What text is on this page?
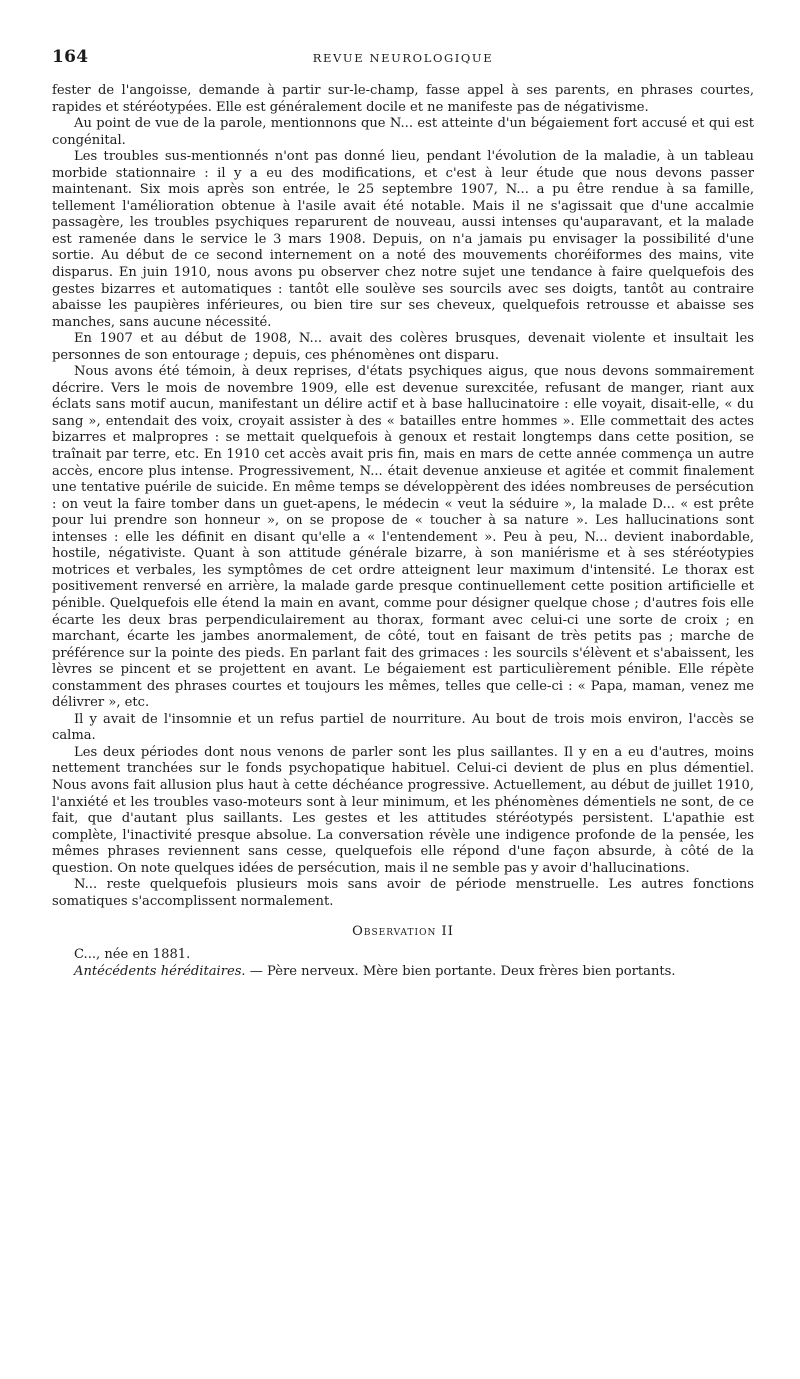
164	REVUE NEUROLOGIQUE

fester de l'angoisse, demande à partir sur-le-champ, fasse appel à ses parents, en phrases courtes, rapides et stéréotypées. Elle est généralement docile et ne manifeste pas de négativisme.

Au point de vue de la parole, mentionnons que N... est atteinte d'un bégaiement fort accusé et qui est congénital.

Les troubles sus-mentionnés n'ont pas donné lieu, pendant l'évolution de la maladie, à un tableau morbide stationnaire : il y a eu des modifications, et c'est à leur étude que nous devons passer maintenant. Six mois après son entrée, le 25 septembre 1907, N... a pu être rendue à sa famille, tellement l'amélioration obtenue à l'asile avait été notable. Mais il ne s'agissait que d'une accalmie passagère, les troubles psychiques reparurent de nouveau, aussi intenses qu'auparavant, et la malade est ramenée dans le service le 3 mars 1908. Depuis, on n'a jamais pu envisager la possibilité d'une sortie. Au début de ce second internement on a noté des mouvements choréiformes des mains, vite disparus. En juin 1910, nous avons pu observer chez notre sujet une tendance à faire quelquefois des gestes bizarres et automatiques : tantôt elle soulève ses sourcils avec ses doigts, tantôt au contraire abaisse les paupières inférieures, ou bien tire sur ses cheveux, quelquefois retrousse et abaisse ses manches, sans aucune nécessité.

En 1907 et au début de 1908, N... avait des colères brusques, devenait violente et insultait les personnes de son entourage ; depuis, ces phénomènes ont disparu.

Nous avons été témoin, à deux reprises, d'états psychiques aigus, que nous devons sommairement décrire. Vers le mois de novembre 1909, elle est devenue surexcitée, refusant de manger, riant aux éclats sans motif aucun, manifestant un délire actif et à base hallucinatoire : elle voyait, disait-elle, « du sang », entendait des voix, croyait assister à des « batailles entre hommes ». Elle commettait des actes bizarres et malpropres : se mettait quelquefois à genoux et restait longtemps dans cette position, se traînait par terre, etc. En 1910 cet accès avait pris fin, mais en mars de cette année commença un autre accès, encore plus intense. Progressivement, N... était devenue anxieuse et agitée et commit finalement une tentative puérile de suicide. En même temps se développèrent des idées nombreuses de persécution : on veut la faire tomber dans un guet-apens, le médecin « veut la séduire », la malade D... « est prête pour lui prendre son honneur », on se propose de « toucher à sa nature ». Les hallucinations sont intenses : elle les définit en disant qu'elle a « l'entendement ». Peu à peu, N... devient inabordable, hostile, négativiste. Quant à son attitude générale bizarre, à son maniérisme et à ses stéréotypies motrices et verbales, les symptômes de cet ordre atteignent leur maximum d'intensité. Le thorax est positivement renversé en arrière, la malade garde presque continuellement cette position artificielle et pénible. Quelquefois elle étend la main en avant, comme pour désigner quelque chose ; d'autres fois elle écarte les deux bras perpendiculairement au thorax, formant avec celui-ci une sorte de croix ; en marchant, écarte les jambes anormalement, de côté, tout en faisant de très petits pas ; marche de préférence sur la pointe des pieds. En parlant fait des grimaces : les sourcils s'élèvent et s'abaissent, les lèvres se pincent et se projettent en avant. Le bégaiement est particulièrement pénible. Elle répète constamment des phrases courtes et toujours les mêmes, telles que celle-ci : « Papa, maman, venez me délivrer », etc.

Il y avait de l'insomnie et un refus partiel de nourriture. Au bout de trois mois environ, l'accès se calma.

Les deux périodes dont nous venons de parler sont les plus saillantes. Il y en a eu d'autres, moins nettement tranchées sur le fonds psychopatique habituel. Celui-ci devient de plus en plus démentiel. Nous avons fait allusion plus haut à cette déchéance progressive. Actuellement, au début de juillet 1910, l'anxiété et les troubles vaso-moteurs sont à leur minimum, et les phénomènes démentiels ne sont, de ce fait, que d'autant plus saillants. Les gestes et les attitudes stéréotypés persistent. L'apathie est complète, l'inactivité presque absolue. La conversation révèle une indigence profonde de la pensée, les mêmes phrases reviennent sans cesse, quelquefois elle répond d'une façon absurde, à côté de la question. On note quelques idées de persécution, mais il ne semble pas y avoir d'hallucinations.

N... reste quelquefois plusieurs mois sans avoir de période menstruelle. Les autres fonctions somatiques s'accomplissent normalement.

Observation II

C..., née en 1881.

Antécédents héréditaires. — Père nerveux. Mère bien portante. Deux frères bien portants.
